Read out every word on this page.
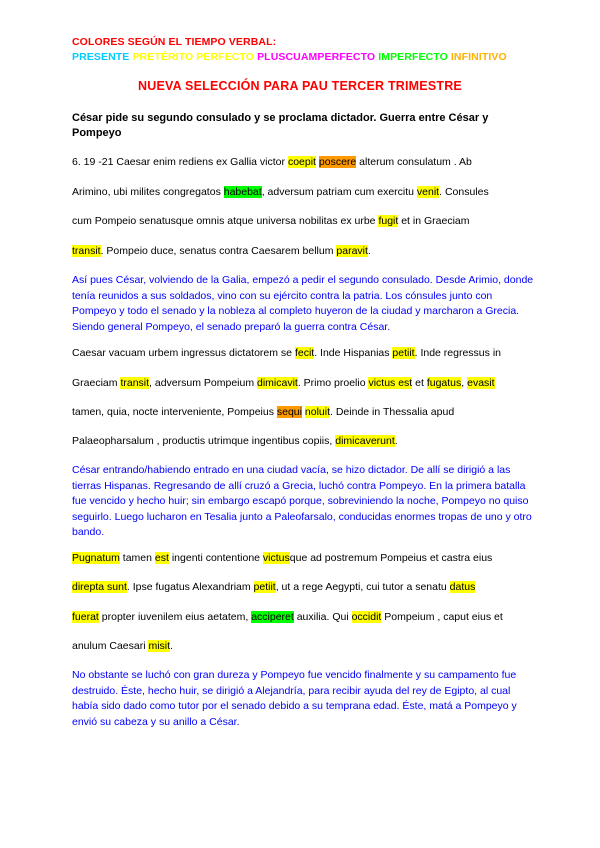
COLORES SEGÚN EL TIEMPO VERBAL:
PRESENTE PRETÉRITO PERFECTO PLUSCUAMPERFECTO IMPERFECTO INFINITIVO
NUEVA SELECCIÓN PARA PAU TERCER TRIMESTRE
César pide su segundo consulado y se proclama dictador. Guerra entre César y Pompeyo
6. 19 -21 Caesar enim rediens ex Gallia victor coepit poscere alterum consulatum . Ab
Arimino, ubi milites congregatos habebat, adversum patriam cum exercitu venit. Consules
cum Pompeio senatusque omnis atque universa nobilitas ex urbe fugit et in Graeciam
transit. Pompeio duce, senatus contra Caesarem bellum paravit.
Así pues César, volviendo de la Galia, empezó a pedir el segundo consulado. Desde Arimio, donde tenía reunidos a sus soldados, vino con su ejército contra la patria. Los cónsules junto con Pompeyo y todo el senado y la nobleza al completo huyeron de la ciudad y marcharon a Grecia. Siendo general Pompeyo, el senado preparó la guerra contra César.
Caesar vacuam urbem ingressus dictatorem se fecit. Inde Hispanias petiit. Inde regressus in
Graeciam transit, adversum Pompeium dimicavit. Primo proelio victus est et fugatus, evasit
tamen, quia, nocte interveniente, Pompeius sequi noluit. Deinde in Thessalia apud
Palaeopharsalum , productis utrimque ingentibus copiis, dimicaverunt.
César entrando/habiendo entrado en una ciudad vacía, se hizo dictador. De allí se dirigió a las tierras Hispanas. Regresando de allí cruzó a Grecia, luchó contra Pompeyo. En la primera batalla fue vencido y hecho huir; sin embargo escapó porque, sobreviniendo la noche, Pompeyo no quiso seguirlo. Luego lucharon en Tesalia junto a Paleofarsalo, conducidas enormes tropas de uno y otro bando.
Pugnatum tamen est ingenti contentione victusque ad postremum Pompeius et castra eius
direpta sunt. Ipse fugatus Alexandriam petiit, ut a rege Aegypti, cui tutor a senatu datus
fuerat propter iuvenilem eius aetatem, acciperet auxilia. Qui occidit Pompeium , caput eius et
anulum Caesari misit.
No obstante se luchó con gran dureza y Pompeyo fue vencido finalmente y su campamento fue destruido. Éste, hecho huir, se dirigió a Alejandría, para recibir ayuda del rey de Egipto, al cual había sido dado como tutor por el senado debido a su temprana edad. Éste, matá a Pompeyo y envió su cabeza y su anillo a César.
